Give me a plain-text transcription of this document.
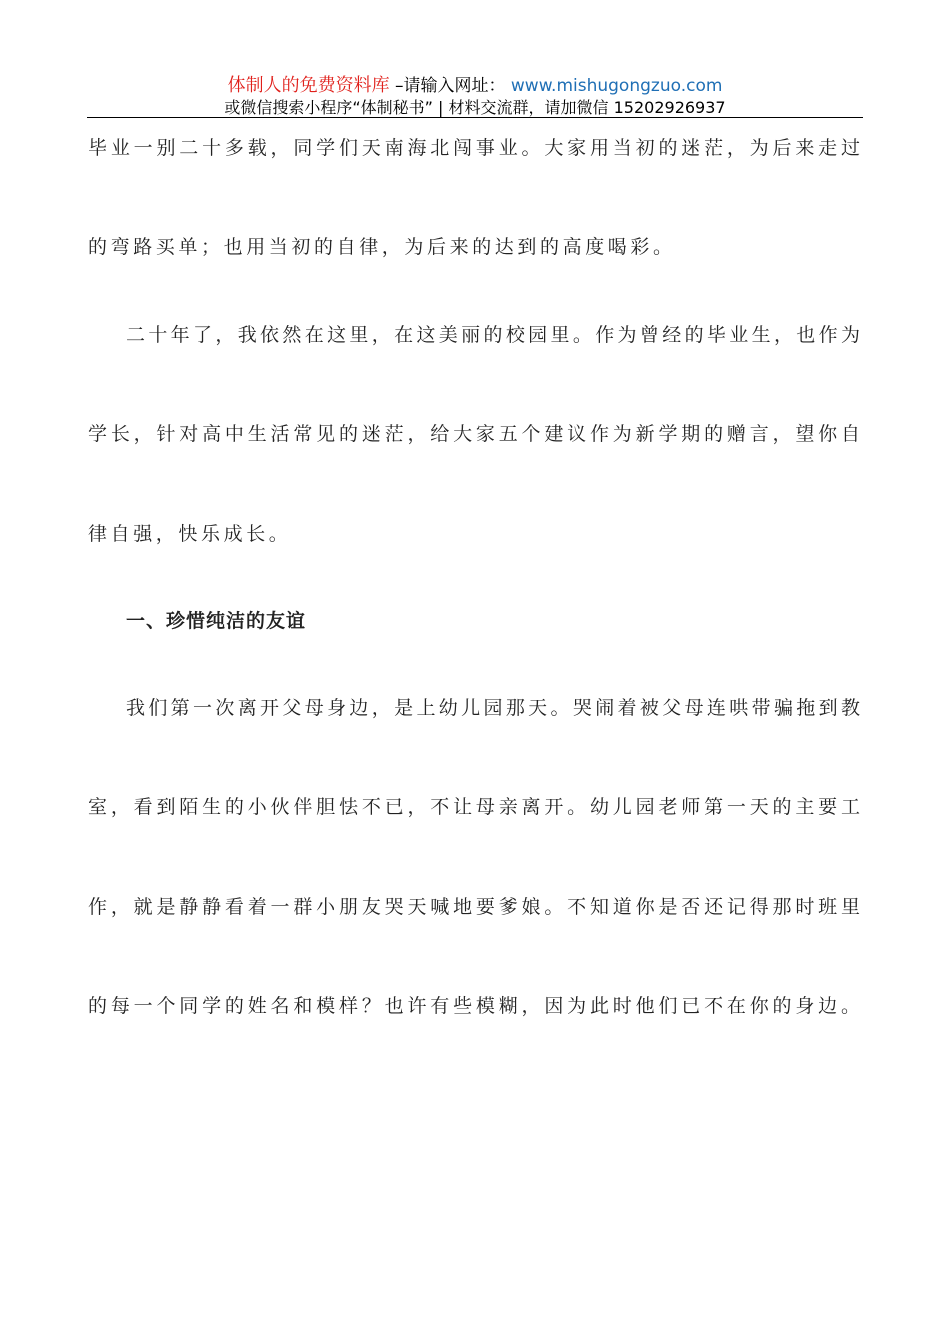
体制人的免费资料库 –请输入网址： www.mishugongzuo.com
或微信搜索小程序“体制秘书” | 材料交流群，请加微信 15202926937
毕业一别二十多载，同学们天南海北闯事业。大家用当初的迷茫，为后来走过
的弯路买单；也用当初的自律，为后来的达到的高度喝彩。
二十年了，我依然在这里，在这美丽的校园里。作为曾经的毕业生，也作为
学长，针对高中生活常见的迷茫，给大家五个建议作为新学期的赠言，望你自
律自强，快乐成长。
一、珍惜纯洁的友谊
我们第一次离开父母身边，是上幼儿园那天。哭闹着被父母连哄带骗拖到教
室，看到陌生的小伙伴胆怯不已，不让母亲离开。幼儿园老师第一天的主要工
作，就是静静看着一群小朋友哭天喊地要爹娘。不知道你是否还记得那时班里
的每一个同学的姓名和模样？也许有些模糊，因为此时他们已不在你的身边。
